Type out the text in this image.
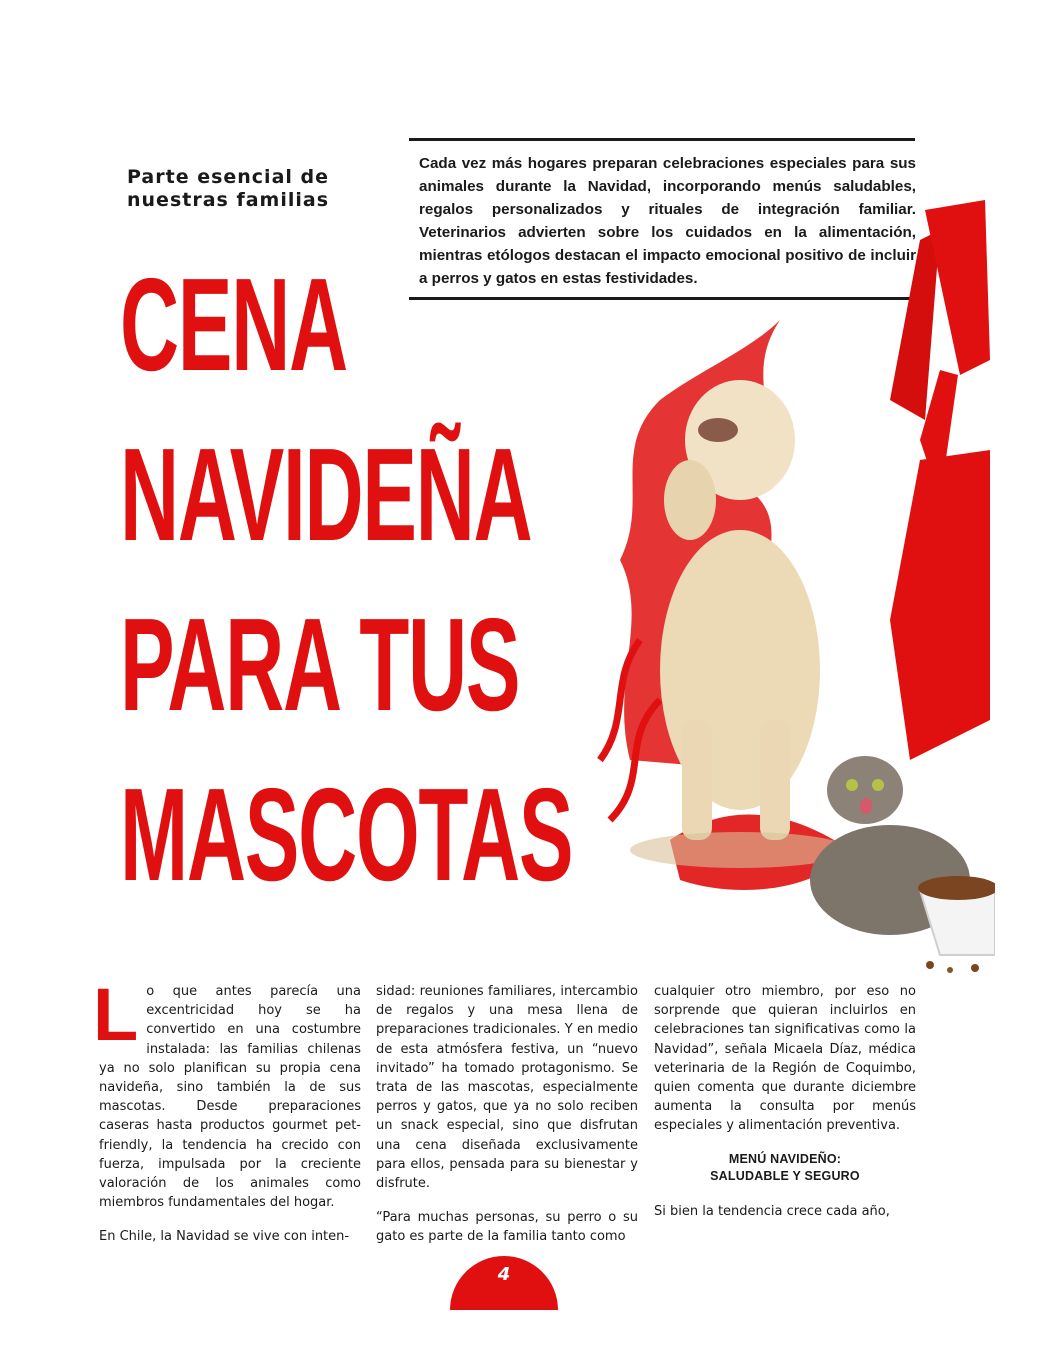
Parte esencial de
nuestras familias
Cada vez más hogares preparan celebraciones especiales para sus animales durante la Navidad, incorporando menús saludables, regalos personalizados y rituales de integración familiar. Veterinarios advierten sobre los cuidados en la alimentación, mientras etólogos destacan el impacto emocional positivo de incluir a perros y gatos en estas festividades.
CENA
NAVIDEÑA
PARA TUS
MASCOTAS

Lo que antes parecía una excentricidad hoy se ha convertido en una costumbre instalada: las familias chilenas ya no solo planifican su propia cena navideña, sino también la de sus mascotas. Desde preparaciones caseras hasta productos gourmet pet-friendly, la tendencia ha crecido con fuerza, impulsada por la creciente valoración de los animales como miembros fundamentales del hogar.

En Chile, la Navidad se vive con inten-

sidad: reuniones familiares, intercambio de regalos y una mesa llena de preparaciones tradicionales. Y en medio de esta atmósfera festiva, un “nuevo invitado” ha tomado protagonismo. Se trata de las mascotas, especialmente perros y gatos, que ya no solo reciben un snack especial, sino que disfrutan una cena diseñada exclusivamente para ellos, pensada para su bienestar y disfrute.

“Para muchas personas, su perro o su gato es parte de la familia tanto como

cualquier otro miembro, por eso no sorprende que quieran incluirlos en celebraciones tan significativas como la Navidad”, señala Micaela Díaz, médica veterinaria de la Región de Coquimbo, quien comenta que durante diciembre aumenta la consulta por menús especiales y alimentación preventiva.

MENÚ NAVIDEÑO:
SALUDABLE Y SEGURO

Si bien la tendencia crece cada año,

4
